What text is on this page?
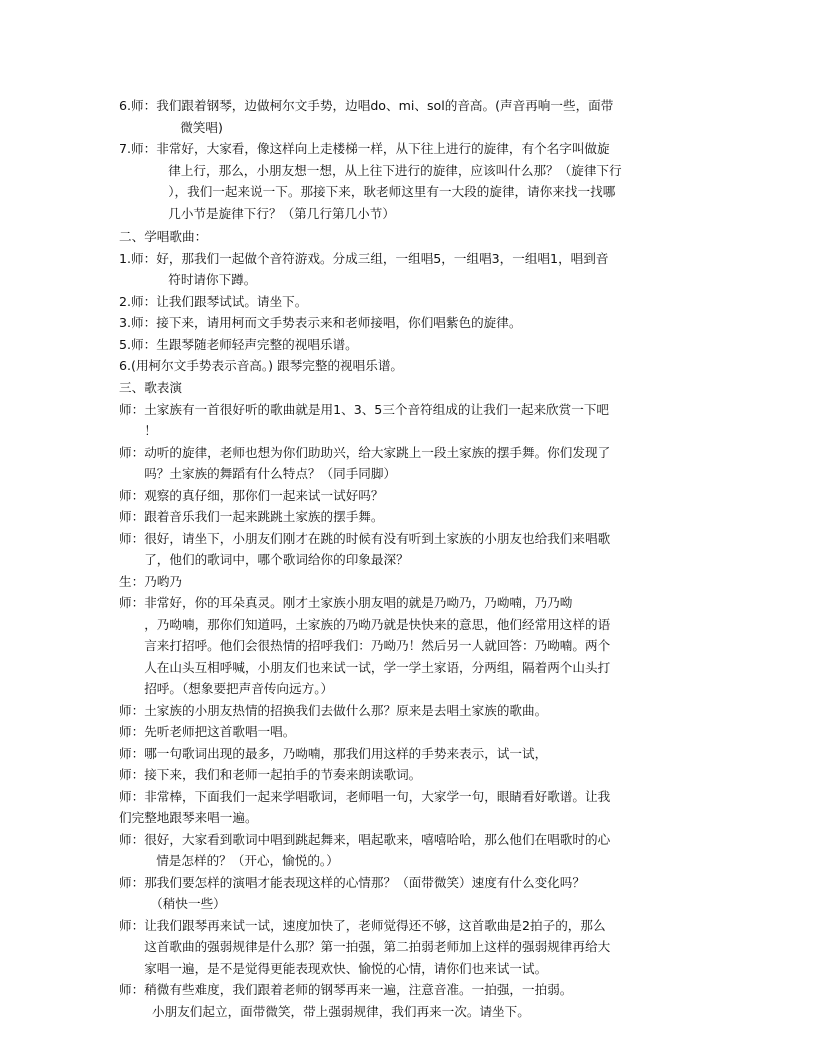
6.师： 我们跟着钢琴，边做柯尔文手势，边唱do、mi、sol的音高。(声音再响一些，面带
微笑唱)
7.师： 非常好，大家看，像这样向上走楼梯一样，从下往上进行的旋律，有个名字叫做旋
律上行，那么，小朋友想一想，从上往下进行的旋律，应该叫什么那？（旋律下行
），我们一起来说一下。那接下来，耿老师这里有一大段的旋律，请你来找一找哪
几小节是旋律下行？（第几行第几小节）
二、学唱歌曲：
1.师： 好，那我们一起做个音符游戏。分成三组，一组唱5，一组唱3，一组唱1，唱到音
符时请你下蹲。
2.师： 让我们跟琴试试。请坐下。
3.师： 接下来，请用柯而文手势表示来和老师接唱，你们唱紫色的旋律。
5.师： 生跟琴随老师轻声完整的视唱乐谱。
6. (用柯尔文手势表示音高。) 跟琴完整的视唱乐谱。
三、歌表演
师： 土家族有一首很好听的歌曲就是用1、3、5三个音符组成的让我们一起来欣赏一下吧
！
师： 动听的旋律，老师也想为你们助助兴，给大家跳上一段土家族的摆手舞。你们发现了
吗？土家族的舞蹈有什么特点？（同手同脚）
师： 观察的真仔细，那你们一起来试一试好吗？
师： 跟着音乐我们一起来跳跳土家族的摆手舞。
师： 很好，请坐下，小朋友们刚才在跳的时候有没有听到土家族的小朋友也给我们来唱歌
了，他们的歌词中，哪个歌词给你的印象最深？
生： 乃哟乃
师： 非常好，你的耳朵真灵。刚才土家族小朋友唱的就是乃呦乃，乃呦喃，乃乃呦
，乃呦喃，那你们知道吗，土家族的乃呦乃就是快快来的意思，他们经常用这样的语
言来打招呼。他们会很热情的招呼我们：乃呦乃！然后另一人就回答：乃呦喃。两个
人在山头互相呼喊，小朋友们也来试一试，学一学土家语，分两组，隔着两个山头打
招呼。（想象要把声音传向远方。）
师： 土家族的小朋友热情的招换我们去做什么那？原来是去唱土家族的歌曲。
师： 先听老师把这首歌唱一唱。
师： 哪一句歌词出现的最多，乃呦喃，那我们用这样的手势来表示，试一试，
师： 接下来，我们和老师一起拍手的节奏来朗读歌词。
师：非常棒，下面我们一起来学唱歌词，老师唱一句，大家学一句，眼睛看好歌谱。让我
们完整地跟琴来唱一遍。
师： 很好，大家看到歌词中唱到跳起舞来，唱起歌来，嘻嘻哈哈，那么他们在唱歌时的心
情是怎样的？（开心，愉悦的。）
师： 那我们要怎样的演唱才能表现这样的心情那？（面带微笑）速度有什么变化吗？
（稍快一些）
师： 让我们跟琴再来试一试，速度加快了，老师觉得还不够，这首歌曲是2拍子的，那么
这首歌曲的强弱规律是什么那？第一拍强，第二拍弱老师加上这样的强弱规律再给大
家唱一遍，是不是觉得更能表现欢快、愉悦的心情，请你们也来试一试。
师： 稍微有些难度，我们跟着老师的钢琴再来一遍，注意音准。一拍强，一拍弱。
小朋友们起立，面带微笑，带上强弱规律，我们再来一次。请坐下。
